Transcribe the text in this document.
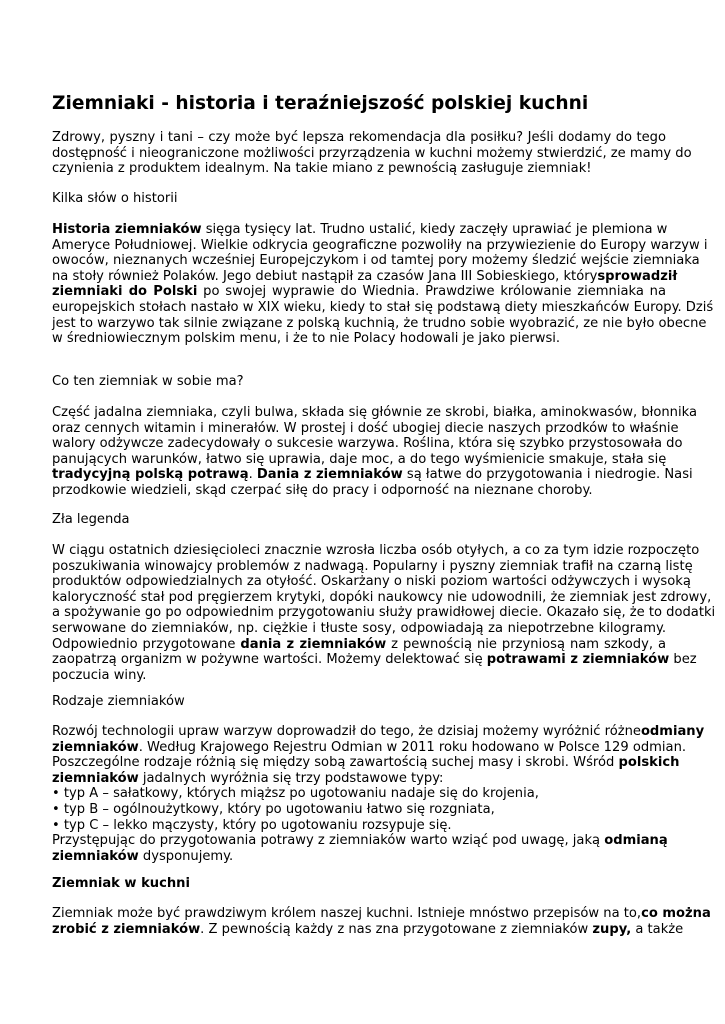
Ziemniaki - historia i teraźniejszość polskiej kuchni

Zdrowy, pyszny i tani – czy może być lepsza rekomendacja dla posiłku? Jeśli dodamy do tego
dostępność i nieograniczone możliwości przyrządzenia w kuchni możemy stwierdzić, ze mamy do
czynienia z produktem idealnym. Na takie miano z pewnością zasługuje ziemniak!

Kilka słów o historii

Historia ziemniaków sięga tysięcy lat. Trudno ustalić, kiedy zaczęły uprawiać je plemiona w
Ameryce Południowej. Wielkie odkrycia geograficzne pozwoliły na przywiezienie do Europy warzyw i
owoców, nieznanych wcześniej Europejczykom i od tamtej pory możemy śledzić wejście ziemniaka
na stoły również Polaków. Jego debiut nastąpił za czasów Jana III Sobieskiego, którysprowadził
ziemniaki do Polski po swojej wyprawie do Wiednia. Prawdziwe królowanie ziemniaka na
europejskich stołach nastało w XIX wieku, kiedy to stał się podstawą diety mieszkańców Europy. Dziś
jest to warzywo tak silnie związane z polską kuchnią, że trudno sobie wyobrazić, ze nie było obecne
w średniowiecznym polskim menu, i że to nie Polacy hodowali je jako pierwsi.

Co ten ziemniak w sobie ma?

Część jadalna ziemniaka, czyli bulwa, składa się głównie ze skrobi, białka, aminokwasów, błonnika
oraz cennych witamin i minerałów. W prostej i dość ubogiej diecie naszych przodków to właśnie
walory odżywcze zadecydowały o sukcesie warzywa. Roślina, która się szybko przystosowała do
panujących warunków, łatwo się uprawia, daje moc, a do tego wyśmienicie smakuje, stała się
tradycyjną polską potrawą. Dania z ziemniaków są łatwe do przygotowania i niedrogie. Nasi
przodkowie wiedzieli, skąd czerpać siłę do pracy i odporność na nieznane choroby.

Zła legenda

W ciągu ostatnich dziesięcioleci znacznie wzrosła liczba osób otyłych, a co za tym idzie rozpoczęto
poszukiwania winowajcy problemów z nadwagą. Popularny i pyszny ziemniak trafił na czarną listę
produktów odpowiedzialnych za otyłość. Oskarżany o niski poziom wartości odżywczych i wysoką
kaloryczność stał pod pręgierzem krytyki, dopóki naukowcy nie udowodnili, że ziemniak jest zdrowy,
a spożywanie go po odpowiednim przygotowaniu służy prawidłowej diecie. Okazało się, że to dodatki
serwowane do ziemniaków, np. ciężkie i tłuste sosy, odpowiadają za niepotrzebne kilogramy.
Odpowiednio przygotowane dania z ziemniaków z pewnością nie przyniosą nam szkody, a
zaopatrzą organizm w pożywne wartości. Możemy delektować się potrawami z ziemniaków bez
poczucia winy.

Rodzaje ziemniaków

Rozwój technologii upraw warzyw doprowadził do tego, że dzisiaj możemy wyróżnić różneodmiany
ziemniaków. Według Krajowego Rejestru Odmian w 2011 roku hodowano w Polsce 129 odmian.
Poszczególne rodzaje różnią się między sobą zawartością suchej masy i skrobi. Wśród polskich
ziemniaków jadalnych wyróżnia się trzy podstawowe typy:
• typ A – sałatkowy, których miąższ po ugotowaniu nadaje się do krojenia,
• typ B – ogólnoużytkowy, który po ugotowaniu łatwo się rozgniata,
• typ C – lekko mączysty, który po ugotowaniu rozsypuje się.
Przystępując do przygotowania potrawy z ziemniaków warto wziąć pod uwagę, jaką odmianą
ziemniaków dysponujemy.

Ziemniak w kuchni

Ziemniak może być prawdziwym królem naszej kuchni. Istnieje mnóstwo przepisów na to,co można
zrobić z ziemniaków. Z pewnością każdy z nas zna przygotowane z ziemniaków zupy, a także
